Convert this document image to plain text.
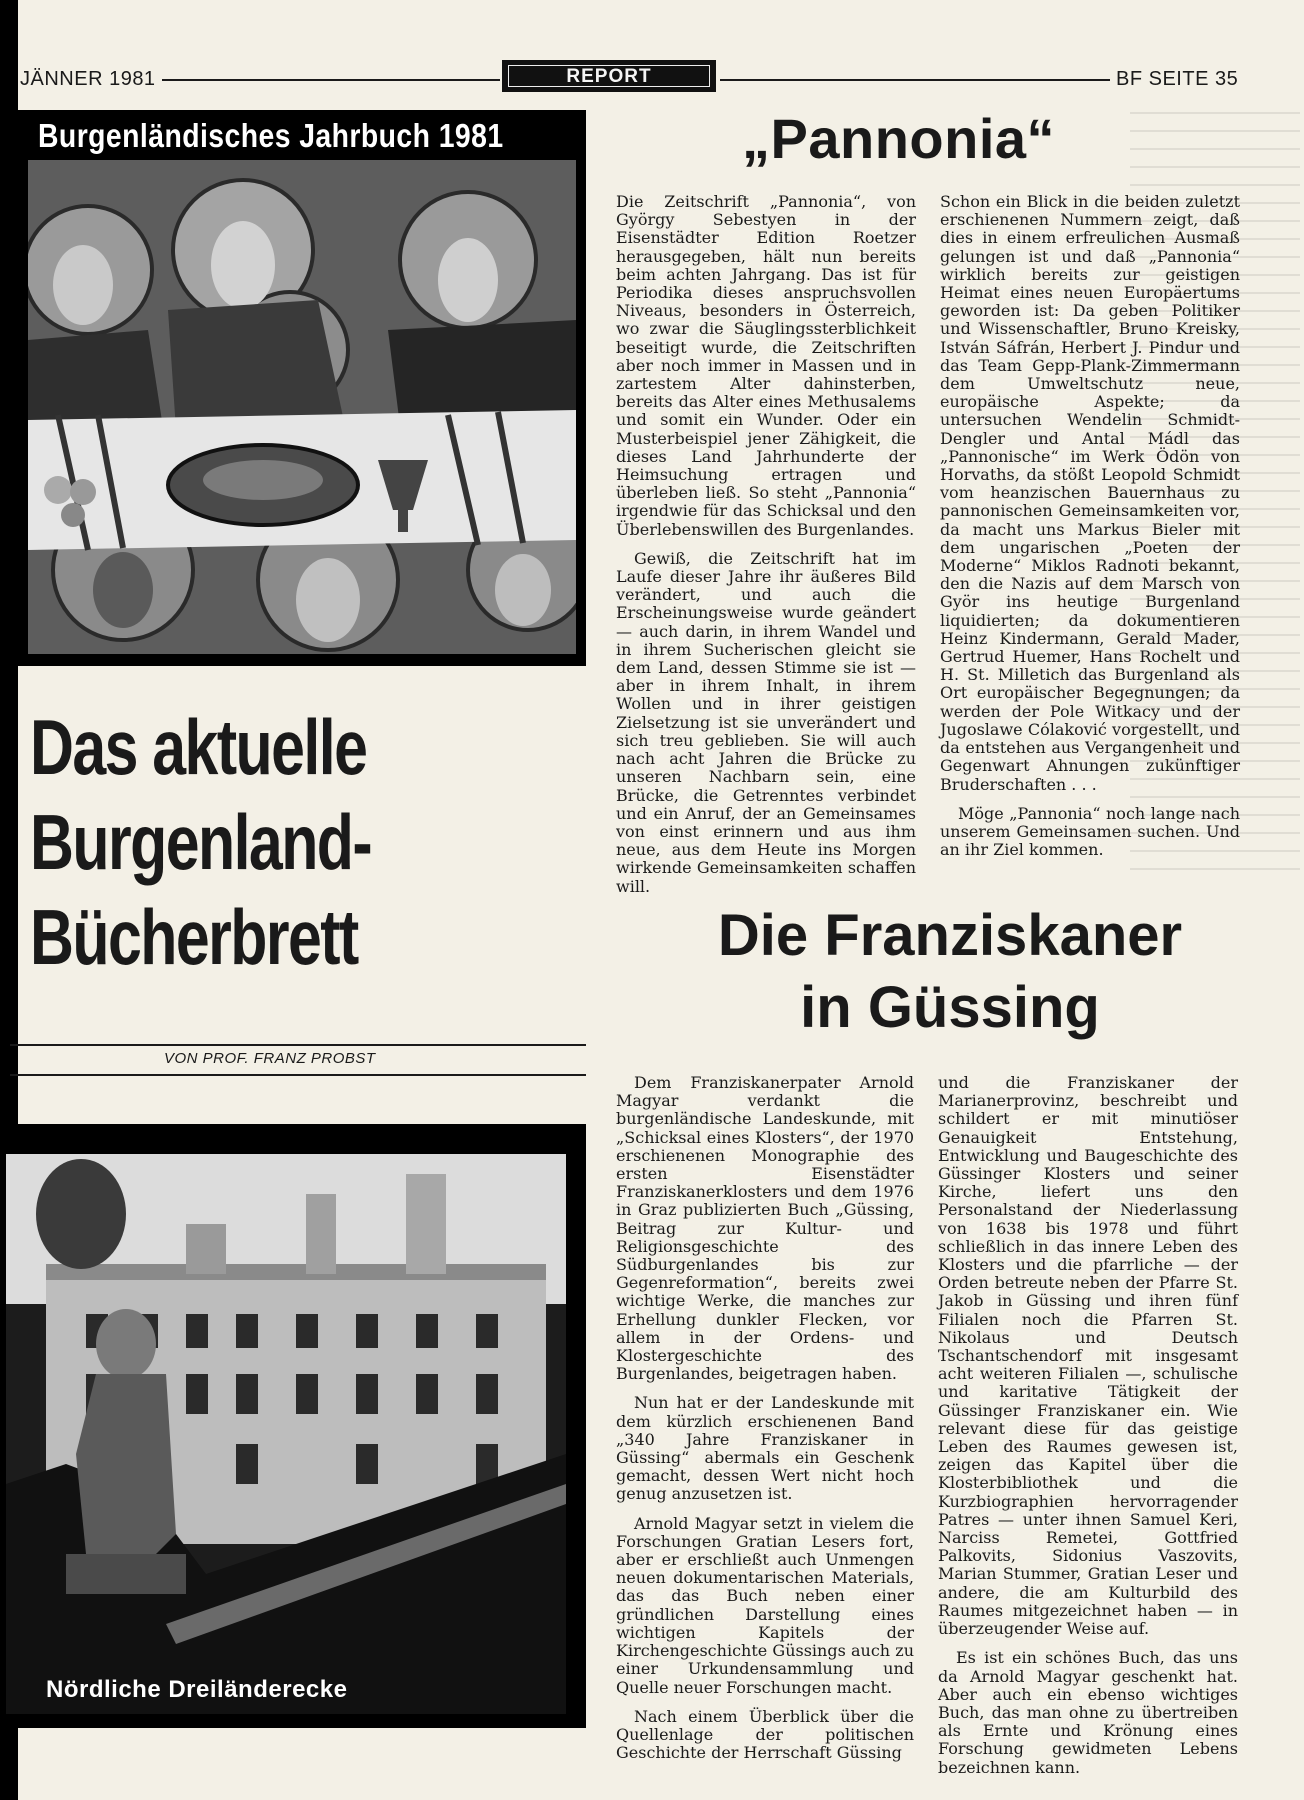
JÄNNER 1981	REPORT	BF SEITE 35
Burgenländisches Jahrbuch 1981
Das aktuelle
Burgenland-
Bücherbrett
VON PROF. FRANZ PROBST
Nördliche Dreiländerecke
„Pannonia“

Die Zeitschrift „Pannonia“, von György Sebestyen in der Eisenstädter Edition Roetzer herausgegeben, hält nun bereits beim achten Jahrgang. Das ist für Periodika dieses anspruchsvollen Niveaus, besonders in Österreich, wo zwar die Säuglingssterblichkeit beseitigt wurde, die Zeitschriften aber noch immer in Massen und in zartestem Alter dahinsterben, bereits das Alter eines Methusalems und somit ein Wunder. Oder ein Musterbeispiel jener Zähigkeit, die dieses Land Jahrhunderte der Heimsuchung ertragen und überleben ließ. So steht „Pannonia“ irgendwie für das Schicksal und den Überlebenswillen des Burgenlandes.

Gewiß, die Zeitschrift hat im Laufe dieser Jahre ihr äußeres Bild verändert, und auch die Erscheinungsweise wurde geändert — auch darin, in ihrem Wandel und in ihrem Sucherischen gleicht sie dem Land, dessen Stimme sie ist — aber in ihrem Inhalt, in ihrem Wollen und in ihrer geistigen Zielsetzung ist sie unverändert und sich treu geblieben. Sie will auch nach acht Jahren die Brücke zu unseren Nachbarn sein, eine Brücke, die Getrenntes verbindet und ein Anruf, der an Gemeinsames von einst erinnern und aus ihm neue, aus dem Heute ins Morgen wirkende Gemeinsamkeiten schaffen will.

Schon ein Blick in die beiden zuletzt erschienenen Nummern zeigt, daß dies in einem erfreulichen Ausmaß gelungen ist und daß „Pannonia“ wirklich bereits zur geistigen Heimat eines neuen Europäertums geworden ist: Da geben Politiker und Wissenschaftler, Bruno Kreisky, István Sáfrán, Herbert J. Pindur und das Team Gepp-Plank-Zimmermann dem Umweltschutz neue, europäische Aspekte; da untersuchen Wendelin Schmidt-Dengler und Antal Mádl das „Pannonische“ im Werk Ödön von Horvaths, da stößt Leopold Schmidt vom heanzischen Bauernhaus zu pannonischen Gemeinsamkeiten vor, da macht uns Markus Bieler mit dem ungarischen „Poeten der Moderne“ Miklos Radnoti bekannt, den die Nazis auf dem Marsch von Györ ins heutige Burgenland liquidierten; da dokumentieren Heinz Kindermann, Gerald Mader, Gertrud Huemer, Hans Rochelt und H. St. Milletich das Burgenland als Ort europäischer Begegnungen; da werden der Pole Witkacy und der Jugoslawe Cólaković vorgestellt, und da entstehen aus Vergangenheit und Gegenwart Ahnungen zukünftiger Bruderschaften . . .

Möge „Pannonia“ noch lange nach unserem Gemeinsamen suchen. Und an ihr Ziel kommen.

Die Franziskaner
in Güssing

Dem Franziskanerpater Arnold Magyar verdankt die burgenländische Landeskunde, mit „Schicksal eines Klosters“, der 1970 erschienenen Monographie des ersten Eisenstädter Franziskanerklosters und dem 1976 in Graz publizierten Buch „Güssing, Beitrag zur Kultur- und Religionsgeschichte des Südburgenlandes bis zur Gegenreformation“, bereits zwei wichtige Werke, die manches zur Erhellung dunkler Flecken, vor allem in der Ordens- und Klostergeschichte des Burgenlandes, beigetragen haben.

Nun hat er der Landeskunde mit dem kürzlich erschienenen Band „340 Jahre Franziskaner in Güssing“ abermals ein Geschenk gemacht, dessen Wert nicht hoch genug anzusetzen ist.

Arnold Magyar setzt in vielem die Forschungen Gratian Lesers fort, aber er erschließt auch Unmengen neuen dokumentarischen Materials, das das Buch neben einer gründlichen Darstellung eines wichtigen Kapitels der Kirchengeschichte Güssings auch zu einer Urkundensammlung und Quelle neuer Forschungen macht.

Nach einem Überblick über die Quellenlage der politischen Geschichte der Herrschaft Güssing

und die Franziskaner der Marianerprovinz, beschreibt und schildert er mit minutiöser Genauigkeit Entstehung, Entwicklung und Baugeschichte des Güssinger Klosters und seiner Kirche, liefert uns den Personalstand der Niederlassung von 1638 bis 1978 und führt schließlich in das innere Leben des Klosters und die pfarrliche — der Orden betreute neben der Pfarre St. Jakob in Güssing und ihren fünf Filialen noch die Pfarren St. Nikolaus und Deutsch Tschantschendorf mit insgesamt acht weiteren Filialen —, schulische und karitative Tätigkeit der Güssinger Franziskaner ein. Wie relevant diese für das geistige Leben des Raumes gewesen ist, zeigen das Kapitel über die Klosterbibliothek und die Kurzbiographien hervorragender Patres — unter ihnen Samuel Keri, Narciss Remetei, Gottfried Palkovits, Sidonius Vaszovits, Marian Stummer, Gratian Leser und andere, die am Kulturbild des Raumes mitgezeichnet haben — in überzeugender Weise auf.

Es ist ein schönes Buch, das uns da Arnold Magyar geschenkt hat. Aber auch ein ebenso wichtiges Buch, das man ohne zu übertreiben als Ernte und Krönung eines Forschung gewidmeten Lebens bezeichnen kann.
